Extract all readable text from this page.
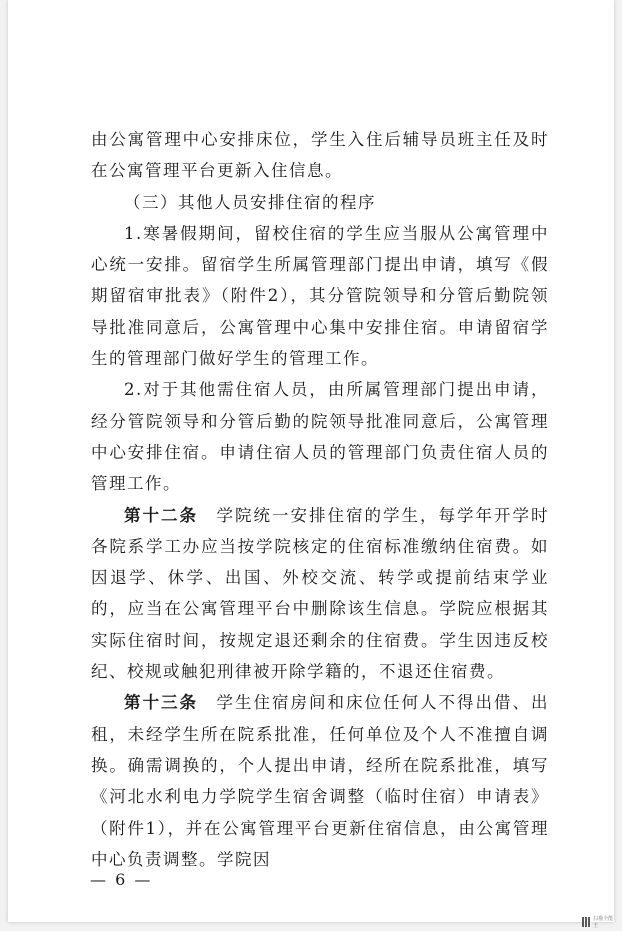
由公寓管理中心安排床位，学生入住后辅导员班主任及时在公寓管理平台更新入住信息。

（三）其他人员安排住宿的程序

1.寒暑假期间，留校住宿的学生应当服从公寓管理中心统一安排。留宿学生所属管理部门提出申请，填写《假期留宿审批表》（附件2），其分管院领导和分管后勤院领导批准同意后，公寓管理中心集中安排住宿。申请留宿学生的管理部门做好学生的管理工作。

2.对于其他需住宿人员，由所属管理部门提出申请，经分管院领导和分管后勤的院领导批准同意后，公寓管理中心安排住宿。申请住宿人员的管理部门负责住宿人员的管理工作。

第十二条　学院统一安排住宿的学生，每学年开学时各院系学工办应当按学院核定的住宿标准缴纳住宿费。如因退学、休学、出国、外校交流、转学或提前结束学业的，应当在公寓管理平台中删除该生信息。学院应根据其实际住宿时间，按规定退还剩余的住宿费。学生因违反校纪、校规或触犯刑律被开除学籍的，不退还住宿费。

第十三条　学生住宿房间和床位任何人不得出借、出租，未经学生所在院系批准，任何单位及个人不准擅自调换。确需调换的，个人提出申请，经所在院系批准，填写《河北水利电力学院学生宿舍调整（临时住宿）申请表》（附件1），并在公寓管理平台更新住宿信息，由公寓管理中心负责调整。学院因

— 6 —
扫描全能王
